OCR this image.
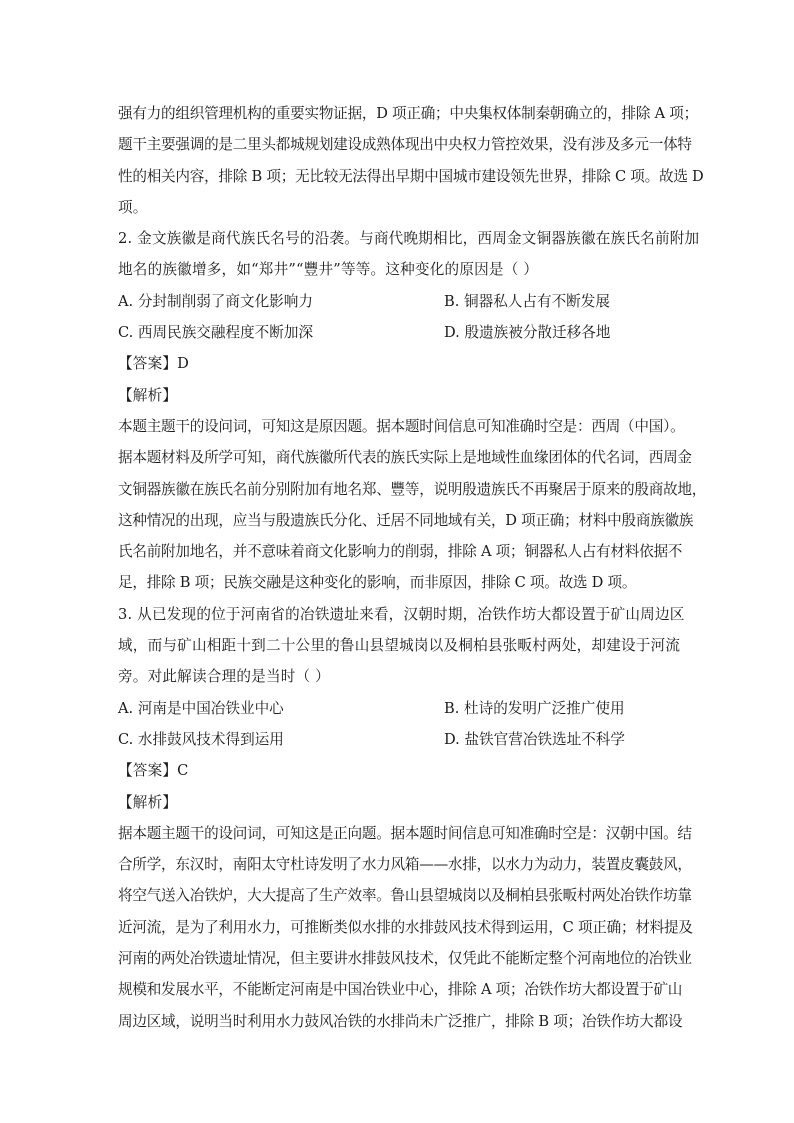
强有力的组织管理机构的重要实物证据，D 项正确；中央集权体制秦朝确立的，排除 A 项；
题干主要强调的是二里头都城规划建设成熟体现出中央权力管控效果，没有涉及多元一体特
性的相关内容，排除 B 项；无比较无法得出早期中国城市建设领先世界，排除 C 项。故选 D
项。
2. 金文族徽是商代族氏名号的沿袭。与商代晚期相比，西周金文铜器族徽在族氏名前附加
地名的族徽增多，如“郑井”“豐井”等等。这种变化的原因是（ ）
A. 分封制削弱了商文化影响力	B. 铜器私人占有不断发展
C. 西周民族交融程度不断加深	D. 殷遗族被分散迁移各地
【答案】D
【解析】
本题主题干的设问词，可知这是原因题。据本题时间信息可知准确时空是：西周（中国）。
据本题材料及所学可知，商代族徽所代表的族氏实际上是地域性血缘团体的代名词，西周金
文铜器族徽在族氏名前分别附加有地名郑、豐等，说明殷遗族氏不再聚居于原来的殷商故地，
这种情况的出现，应当与殷遗族氏分化、迁居不同地域有关，D 项正确；材料中殷商族徽族
氏名前附加地名，并不意味着商文化影响力的削弱，排除 A 项；铜器私人占有材料依据不
足，排除 B 项；民族交融是这种变化的影响，而非原因，排除 C 项。故选 D 项。
3. 从已发现的位于河南省的冶铁遗址来看，汉朝时期，冶铁作坊大都设置于矿山周边区
域，而与矿山相距十到二十公里的鲁山县望城岗以及桐柏县张畈村两处，却建设于河流
旁。对此解读合理的是当时（ ）
A. 河南是中国冶铁业中心	B. 杜诗的发明广泛推广使用
C. 水排鼓风技术得到运用	D. 盐铁官营冶铁选址不科学
【答案】C
【解析】
据本题主题干的设问词，可知这是正向题。据本题时间信息可知准确时空是：汉朝中国。结
合所学，东汉时，南阳太守杜诗发明了水力风箱——水排，以水力为动力，装置皮囊鼓风，
将空气送入冶铁炉，大大提高了生产效率。鲁山县望城岗以及桐柏县张畈村两处冶铁作坊靠
近河流，是为了利用水力，可推断类似水排的水排鼓风技术得到运用，C 项正确；材料提及
河南的两处冶铁遗址情况，但主要讲水排鼓风技术，仅凭此不能断定整个河南地位的冶铁业
规模和发展水平，不能断定河南是中国冶铁业中心，排除 A 项；冶铁作坊大都设置于矿山
周边区域，说明当时利用水力鼓风冶铁的水排尚未广泛推广，排除 B 项；冶铁作坊大都设
